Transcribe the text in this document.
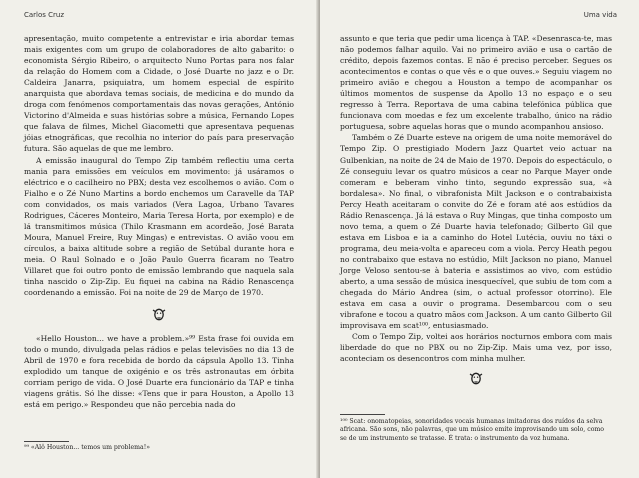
Carlos Cruz

apresentação, muito competente a entrevistar e iria abordar temas mais exigentes com um grupo de colaboradores de alto gabarito: o economista Sérgio Ribeiro, o arquitecto Nuno Portas para nos falar da relação do Homem com a Cidade, o José Duarte no jazz e o Dr. Caldeira Janarra, psiquiatra, um homem especial de espírito anarquista que abordava temas sociais, de medicina e do mundo da droga com fenómenos comportamentais das novas gerações, António Victorino d'Almeida e suas histórias sobre a música, Fernando Lopes que falava de filmes, Michel Giacometti que apresentava pequenas jóias etnográficas, que recolhia no interior do país para preservação futura. São aquelas de que me lembro.

A emissão inaugural do Tempo Zip também reflectiu uma certa mania para emissões em veículos em movimento: já usáramos o eléctrico e o cacilheiro no PBX; desta vez escolhemos o avião. Com o Fialho e o Zé Nuno Martins a bordo enchemos um Caravelle da TAP com convidados, os mais variados (Vera Lagoa, Urbano Tavares Rodrigues, Cáceres Monteiro, Maria Teresa Horta, por exemplo) e de lá transmitimos música (Thilo Krasmann em acordeão, José Barata Moura, Manuel Freire, Ruy Mingas) e entrevistas. O avião voou em círculos, a baixa altitude sobre a região de Setúbal durante hora e meia. O Raul Solnado e o João Paulo Guerra ficaram no Teatro Villaret que foi outro ponto de emissão lembrando que naquela sala tinha nascido o Zip-Zip. Eu fiquei na cabina na Rádio Renascença coordenando a emissão. Foi na noite de 29 de Março de 1970.

«Hello Houston... we have a problem.»⁹⁹ Esta frase foi ouvida em todo o mundo, divulgada pelas rádios e pelas televisões no dia 13 de Abril de 1970 e fora recebida de bordo da cápsula Apollo 13. Tinha explodido um tanque de oxigénio e os três astronautas em órbita corriam perigo de vida. O José Duarte era funcionário da TAP e tinha viagens grátis. Só lhe disse: «Tens que ir para Houston, a Apollo 13 está em perigo.» Respondeu que não percebia nada do

⁹⁹ «Alô Houston... temos um problema!»
Uma vida

assunto e que teria que pedir uma licença à TAP. «Desenrasca-te, mas não podemos falhar aquilo. Vai no primeiro avião e usa o cartão de crédito, depois fazemos contas. E não é preciso perceber. Segues os acontecimentos e contas o que vês e o que ouves.» Seguiu viagem no primeiro avião e chegou a Houston a tempo de acompanhar os últimos momentos de suspense da Apollo 13 no espaço e o seu regresso à Terra. Reportava de uma cabina telefónica pública que funcionava com moedas e fez um excelente trabalho, único na rádio portuguesa, sobre aquelas horas que o mundo acompanhou ansioso.

Também o Zé Duarte esteve na origem de uma noite memorável do Tempo Zip. O prestigiado Modern Jazz Quartet veio actuar na Gulbenkian, na noite de 24 de Maio de 1970. Depois do espectáculo, o Zé conseguiu levar os quatro músicos a cear no Parque Mayer onde comeram e beberam vinho tinto, segundo expressão sua, «à bordalesa». No final, o vibrafonista Milt Jackson e o contrabaixista Percy Heath aceitaram o convite do Zé e foram até aos estúdios da Rádio Renascença. Já lá estava o Ruy Mingas, que tinha composto um novo tema, a quem o Zé Duarte havia telefonado; Gilberto Gil que estava em Lisboa e ia a caminho do Hotel Lutécia, ouviu no táxi o programa, deu meia-volta e apareceu com a viola. Percy Heath pegou no contrabaixo que estava no estúdio, Milt Jackson no piano, Manuel Jorge Veloso sentou-se à bateria e assistimos ao vivo, com estúdio aberto, a uma sessão de música inesquecível, que subiu de tom com a chegada do Mário Andrea (sim, o actual professor otorrino). Ele estava em casa a ouvir o programa. Desembarcou com o seu vibrafone e tocou a quatro mãos com Jackson. A um canto Gilberto Gil improvisava em scat¹⁰⁰, entusiasmado.

Com o Tempo Zip, voltei aos horários nocturnos embora com mais liberdade do que no PBX ou no Zip-Zip. Mais uma vez, por isso, aconteciam os desencontros com minha mulher.

¹⁰⁰ Scat: onomatopeias, sonoridades vocais humanas imitadoras dos ruídos da selva africana. São sons, não palavras, que um músico emite improvisando um solo, como se de um instrumento se tratasse. É trata: o instrumento da voz humana.
